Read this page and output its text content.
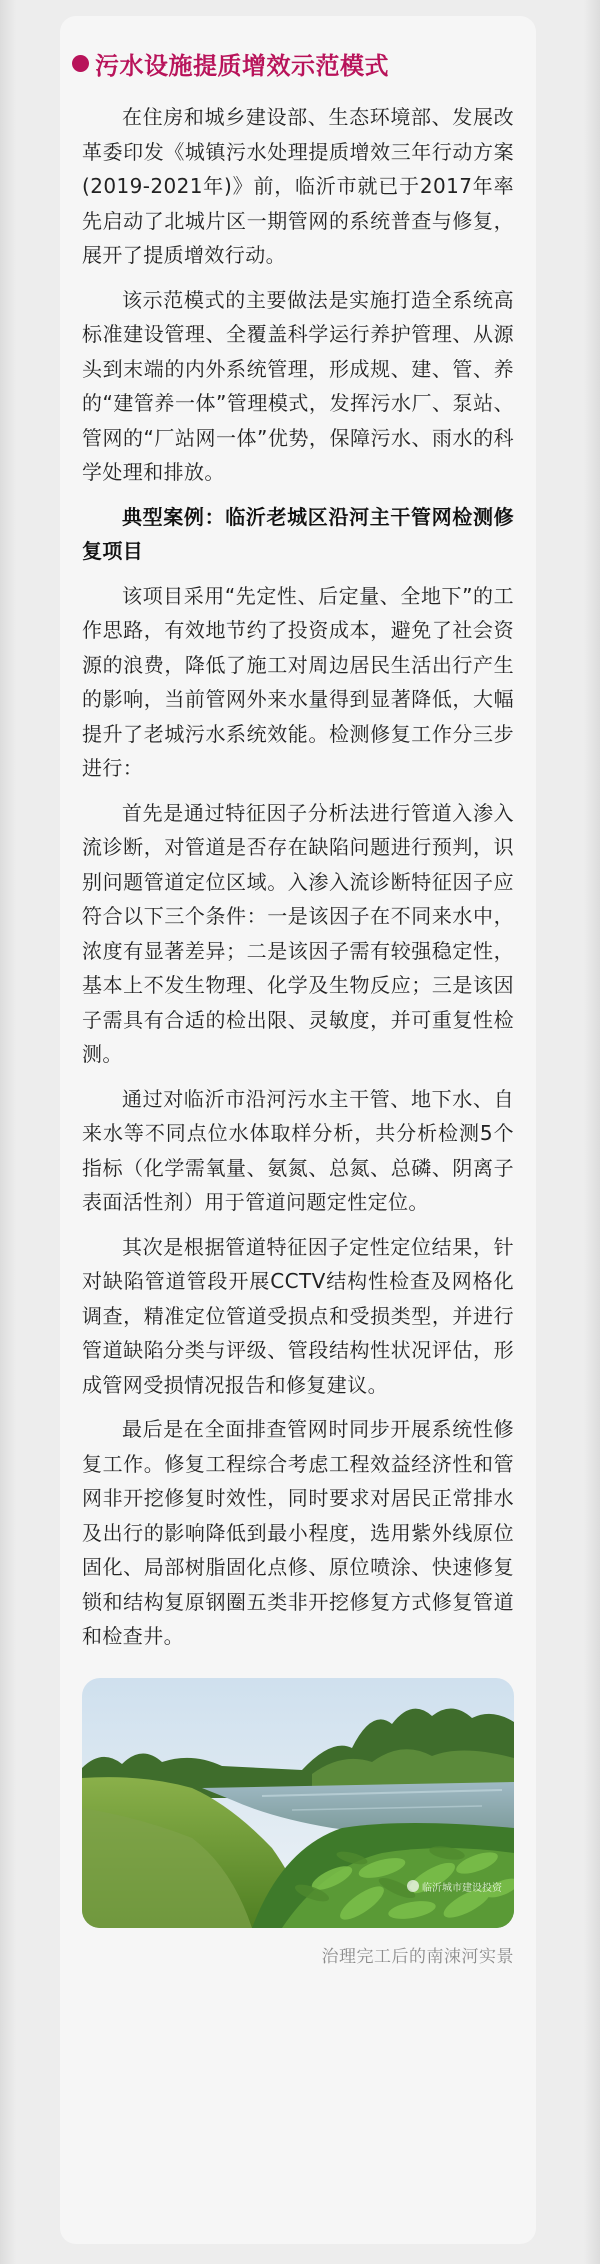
污水设施提质增效示范模式

在住房和城乡建设部、生态环境部、发展改革委印发《城镇污水处理提质增效三年行动方案(2019-2021年)》前，临沂市就已于2017年率先启动了北城片区一期管网的系统普查与修复，展开了提质增效行动。

该示范模式的主要做法是实施打造全系统高标准建设管理、全覆盖科学运行养护管理、从源头到末端的内外系统管理，形成规、建、管、养的“建管养一体”管理模式，发挥污水厂、泵站、管网的“厂站网一体”优势，保障污水、雨水的科学处理和排放。

典型案例：临沂老城区沿河主干管网检测修复项目

该项目采用“先定性、后定量、全地下”的工作思路，有效地节约了投资成本，避免了社会资源的浪费，降低了施工对周边居民生活出行产生的影响，当前管网外来水量得到显著降低，大幅提升了老城污水系统效能。检测修复工作分三步进行：

首先是通过特征因子分析法进行管道入渗入流诊断，对管道是否存在缺陷问题进行预判，识别问题管道定位区域。入渗入流诊断特征因子应符合以下三个条件：一是该因子在不同来水中，浓度有显著差异；二是该因子需有较强稳定性，基本上不发生物理、化学及生物反应；三是该因子需具有合适的检出限、灵敏度，并可重复性检测。

通过对临沂市沿河污水主干管、地下水、自来水等不同点位水体取样分析，共分析检测5个指标（化学需氧量、氨氮、总氮、总磷、阴离子表面活性剂）用于管道问题定性定位。

其次是根据管道特征因子定性定位结果，针对缺陷管道管段开展CCTV结构性检查及网格化调查，精准定位管道受损点和受损类型，并进行管道缺陷分类与评级、管段结构性状况评估，形成管网受损情况报告和修复建议。

最后是在全面排查管网时同步开展系统性修复工作。修复工程综合考虑工程效益经济性和管网非开挖修复时效性，同时要求对居民正常排水及出行的影响降低到最小程度，选用紫外线原位固化、局部树脂固化点修、原位喷涂、快速修复锁和结构复原钢圈五类非开挖修复方式修复管道和检查井。

临沂城市建设投资
治理完工后的南涑河实景
